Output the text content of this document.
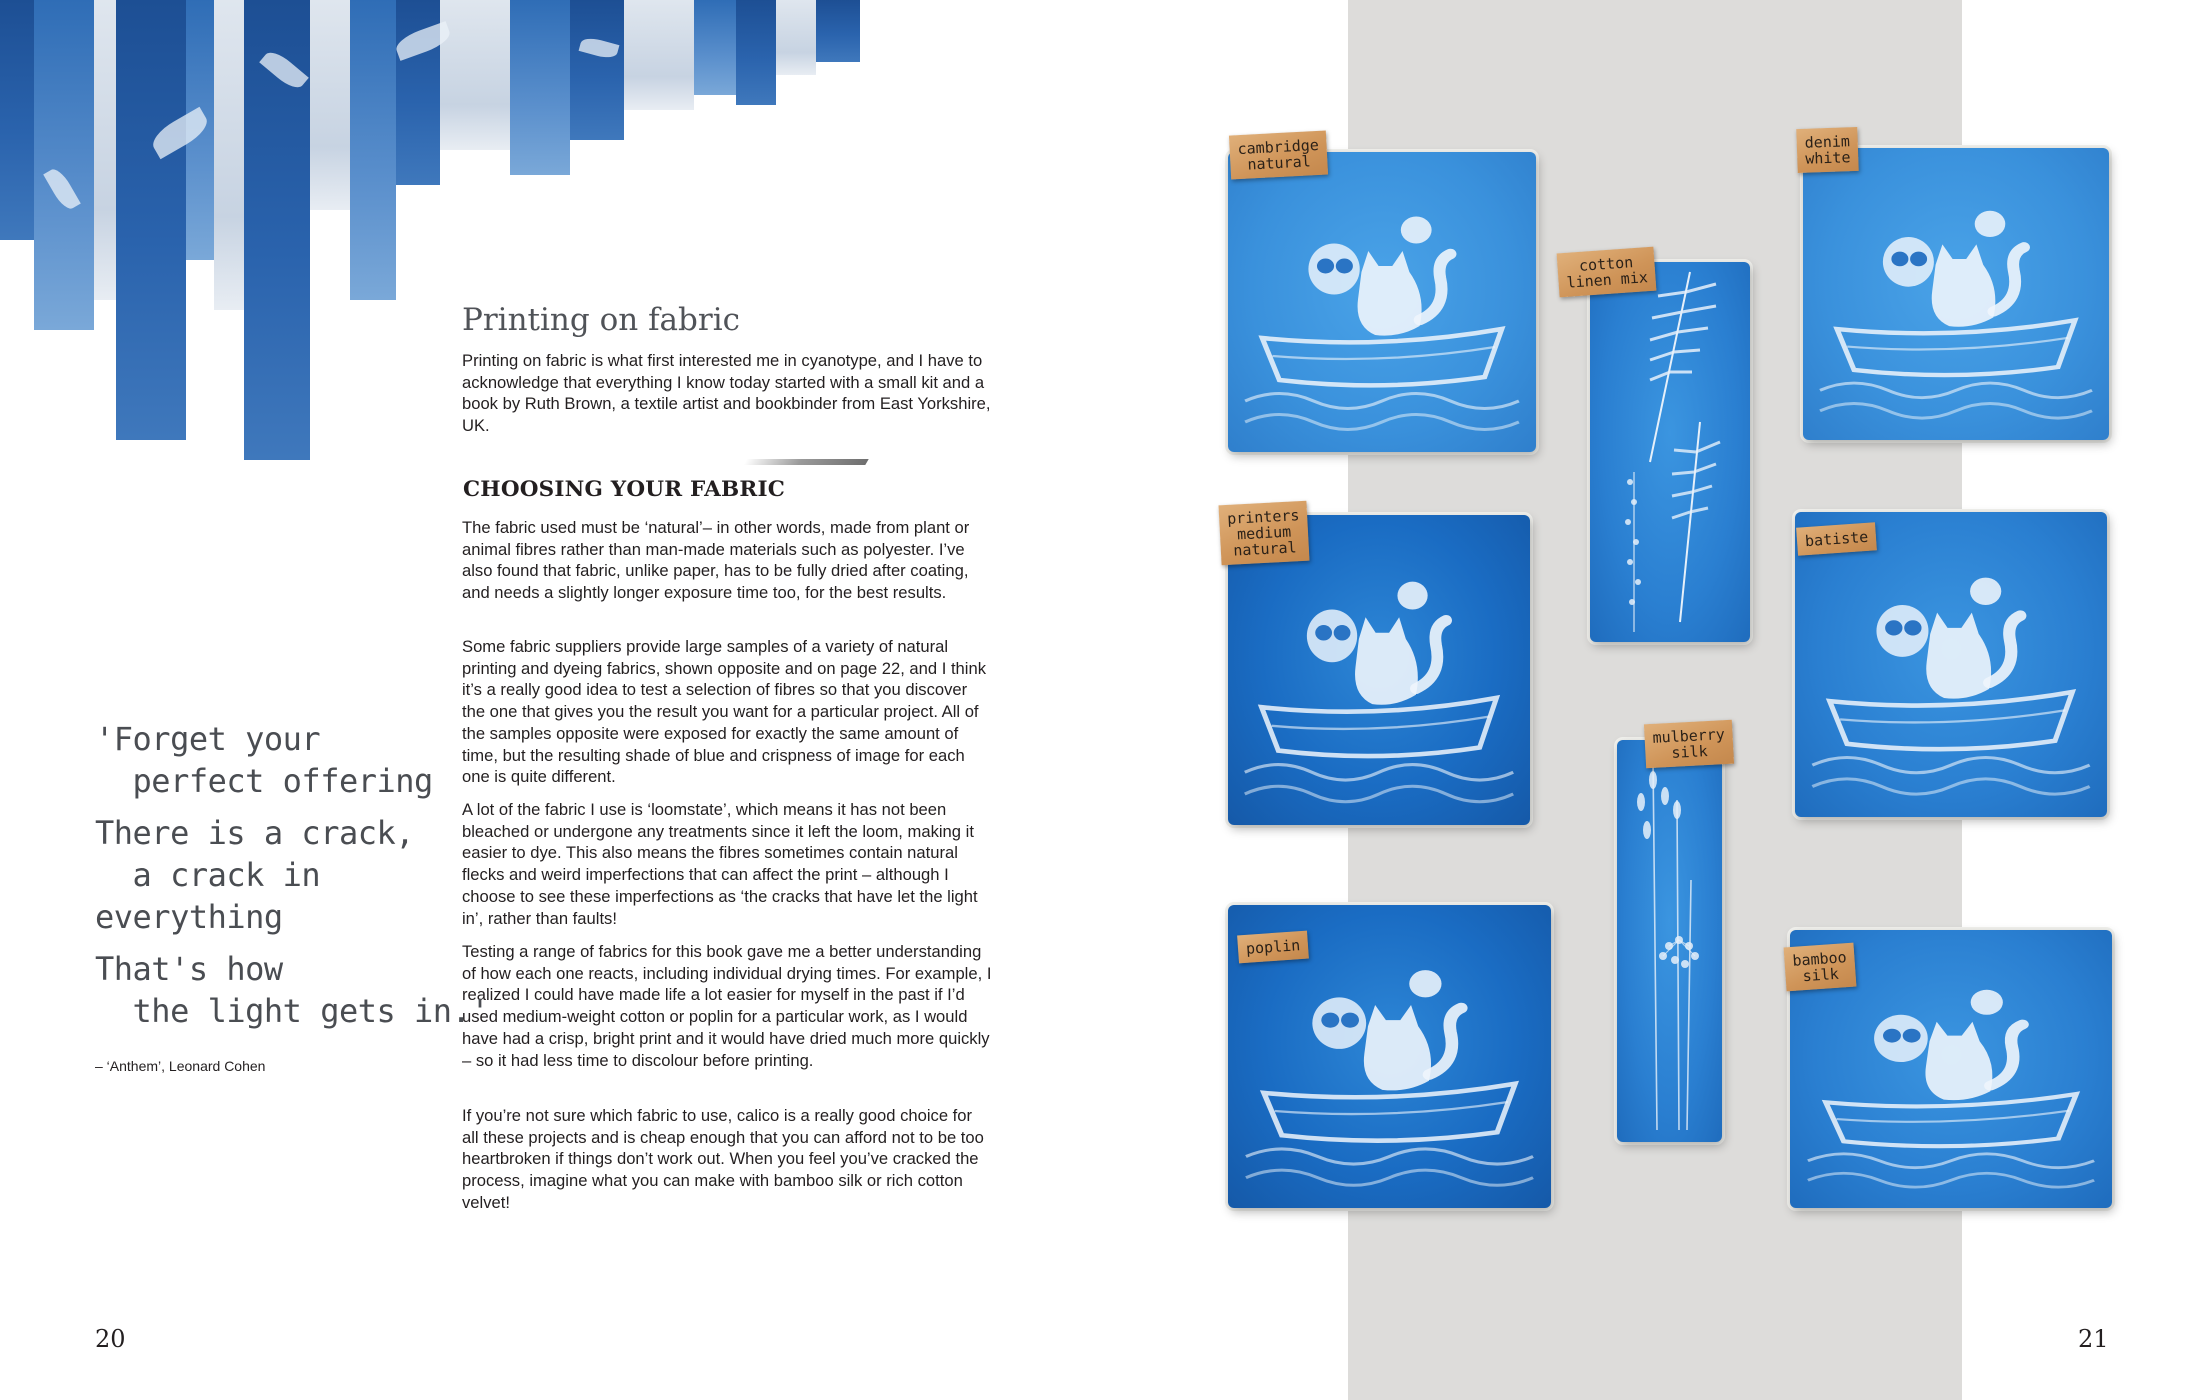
Printing on fabric

Printing on fabric is what first interested me in cyanotype, and I have to acknowledge that everything I know today started with a small kit and a book by Ruth Brown, a textile artist and bookbinder from East Yorkshire, UK.

CHOOSING YOUR FABRIC

The fabric used must be ‘natural’– in other words, made from plant or animal fibres rather than man-made materials such as polyester. I’ve also found that fabric, unlike paper, has to be fully dried after coating, and needs a slightly longer exposure time too, for the best results.

Some fabric suppliers provide large samples of a variety of natural printing and dyeing fabrics, shown opposite and on page 22, and I think it’s a really good idea to test a selection of fibres so that you discover the one that gives you the result you want for a particular project. All of the samples opposite were exposed for exactly the same amount of time, but the resulting shade of blue and crispness of image for each one is quite different.

A lot of the fabric I use is ‘loomstate’, which means it has not been bleached or undergone any treatments since it left the loom, making it easier to dye. This also means the fibres sometimes contain natural flecks and weird imperfections that can affect the print – although I choose to see these imperfections as ‘the cracks that have let the light in’, rather than faults!

Testing a range of fabrics for this book gave me a better understanding of how each one reacts, including individual drying times. For example, I realized I could have made life a lot easier for myself in the past if I’d used medium-weight cotton or poplin for a particular work, as I would have had a crisp, bright print and it would have dried much more quickly – so it had less time to discolour before printing.

If you’re not sure which fabric to use, calico is a really good choice for all these projects and is cheap enough that you can afford not to be too heartbroken if things don’t work out. When you feel you’ve cracked the process, imagine what you can make with bamboo silk or rich cotton velvet!

'Forget your
perfect offering
There is a crack,
a crack in
everything
That's how
the light gets in.'
– ‘Anthem’, Leonard Cohen
20
cambridge
natural
cotton
linen mix
denim
white
printers
medium
natural	batiste
mulberry
silk
poplin
bamboo
silk
21
